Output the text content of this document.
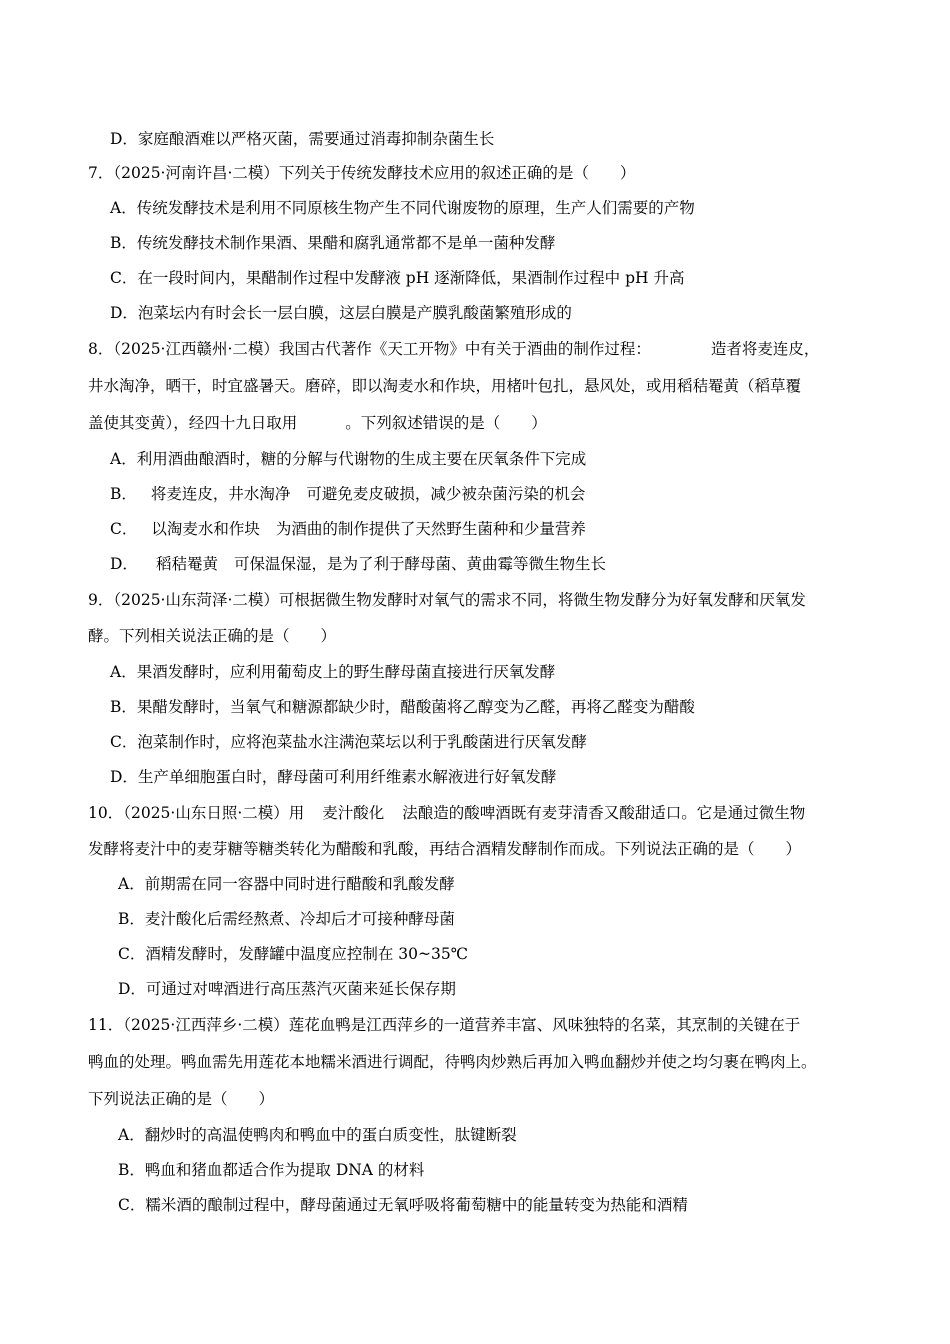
D．家庭酿酒难以严格灭菌，需要通过消毒抑制杂菌生长
7．（2025·河南许昌·二模）下列关于传统发酵技术应用的叙述正确的是（　　）
A．传统发酵技术是利用不同原核生物产生不同代谢废物的原理，生产人们需要的产物
B．传统发酵技术制作果酒、果醋和腐乳通常都不是单一菌种发酵
C．在一段时间内，果醋制作过程中发酵液 pH 逐渐降低，果酒制作过程中 pH 升高
D．泡菜坛内有时会长一层白膜，这层白膜是产膜乳酸菌繁殖形成的
8．（2025·江西赣州·二模）我国古代著作《天工开物》中有关于酒曲的制作过程：	造者将麦连皮，
井水淘净，晒干，时宜盛暑天。磨碎，即以淘麦水和作块，用楮叶包扎，悬风处，或用稻秸罨黄（稻草覆
盖使其变黄），经四十九日取用	。下列叙述错误的是（　　）
A．利用酒曲酿酒时，糖的分解与代谢物的生成主要在厌氧条件下完成
B． 将麦连皮，井水淘净 可避免麦皮破损，减少被杂菌污染的机会
C． 以淘麦水和作块 为酒曲的制作提供了天然野生菌种和少量营养
D． 稻秸罨黄 可保温保湿，是为了利于酵母菌、黄曲霉等微生物生长
9．（2025·山东菏泽·二模）可根据微生物发酵时对氧气的需求不同，将微生物发酵分为好氧发酵和厌氧发
酵。下列相关说法正确的是（　　）
A．果酒发酵时，应利用葡萄皮上的野生酵母菌直接进行厌氧发酵
B．果醋发酵时，当氧气和糖源都缺少时，醋酸菌将乙醇变为乙醛，再将乙醛变为醋酸
C．泡菜制作时，应将泡菜盐水注满泡菜坛以利于乳酸菌进行厌氧发酵
D．生产单细胞蛋白时，酵母菌可利用纤维素水解液进行好氧发酵
10．（2025·山东日照·二模）用 麦汁酸化 法酿造的酸啤酒既有麦芽清香又酸甜适口。它是通过微生物
发酵将麦汁中的麦芽糖等糖类转化为醋酸和乳酸，再结合酒精发酵制作而成。下列说法正确的是（　　）
A．前期需在同一容器中同时进行醋酸和乳酸发酵
B．麦汁酸化后需经熬煮、冷却后才可接种酵母菌
C．酒精发酵时，发酵罐中温度应控制在 30~35℃
D．可通过对啤酒进行高压蒸汽灭菌来延长保存期
11．（2025·江西萍乡·二模）莲花血鸭是江西萍乡的一道营养丰富、风味独特的名菜，其烹制的关键在于
鸭血的处理。鸭血需先用莲花本地糯米酒进行调配，待鸭肉炒熟后再加入鸭血翻炒并使之均匀裹在鸭肉上。
下列说法正确的是（　　）
A．翻炒时的高温使鸭肉和鸭血中的蛋白质变性，肽键断裂
B．鸭血和猪血都适合作为提取 DNA 的材料
C．糯米酒的酿制过程中，酵母菌通过无氧呼吸将葡萄糖中的能量转变为热能和酒精
